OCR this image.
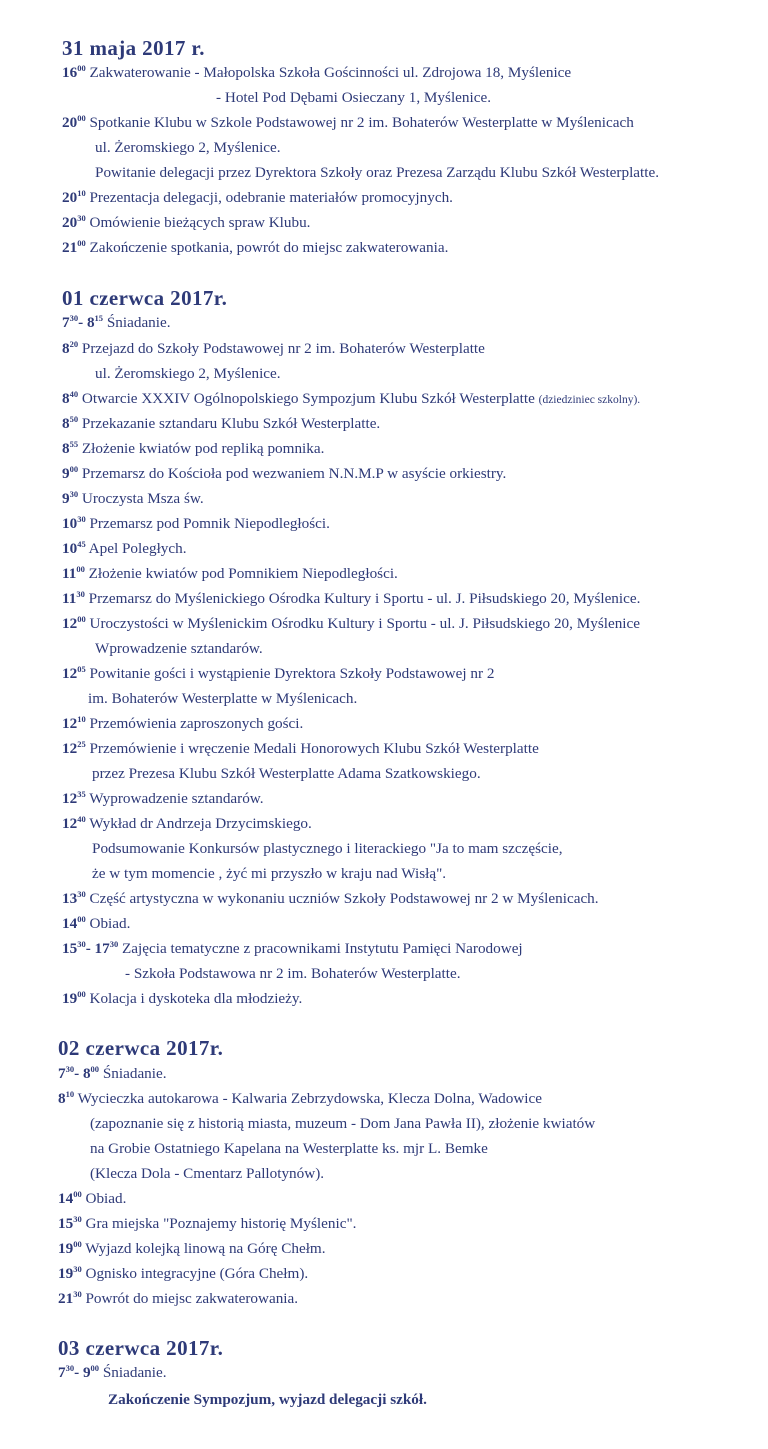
31 maja 2017 r.
$16^{00}$ Zakwaterowanie - Małopolska Szkoła Gościnności ul. Zdrojowa 18, Myślenice
- Hotel Pod Dębami Osieczany 1, Myślenice.
$20^{00}$ Spotkanie Klubu w Szkole Podstawowej nr 2 im. Bohaterów Westerplatte w Myślenicach
ul. Żeromskiego 2, Myślenice.
Powitanie delegacji przez Dyrektora Szkoły oraz Prezesa Zarządu Klubu Szkół Westerplatte.
$20^{10}$ Prezentacja delegacji, odebranie materiałów promocyjnych.
$20^{30}$ Omówienie bieżących spraw Klubu.
$21^{00}$ Zakończenie spotkania, powrót do miejsc zakwaterowania.
01 czerwca 2017r.
$7^{30}-$ $8^{15}$ Śniadanie.
$8^{20}$ Przejazd do Szkoły Podstawowej nr 2 im. Bohaterów Westerplatte
ul. Żeromskiego 2, Myślenice.
$8^{40}$ Otwarcie XXXIV Ogólnopolskiego Sympozjum Klubu Szkół Westerplatte (dziedziniec szkolny).
$8^{50}$ Przekazanie sztandaru Klubu Szkół Westerplatte.
$8^{55}$ Złożenie kwiatów pod repliką pomnika.
$9^{00}$ Przemarsz do Kościoła pod wezwaniem N.N.M.P w asyście orkiestry.
$9^{30}$ Uroczysta Msza św.
$10^{30}$ Przemarsz pod Pomnik Niepodległości.
$10^{45}$ Apel Poległych.
$11^{00}$ Złożenie kwiatów pod Pomnikiem Niepodległości.
$11^{30}$ Przemarsz do Myślenickiego Ośrodka Kultury i Sportu - ul. J. Piłsudskiego 20, Myślenice.
$12^{00}$ Uroczystości w Myślenickim Ośrodku Kultury i Sportu - ul. J. Piłsudskiego 20, Myślenice
Wprowadzenie sztandarów.
$12^{05}$ Powitanie gości i wystąpienie Dyrektora Szkoły Podstawowej nr 2
im. Bohaterów Westerplatte w Myślenicach.
$12^{10}$ Przemówienia zaproszonych gości.
$12^{25}$ Przemówienie i wręczenie Medali Honorowych Klubu Szkół Westerplatte
przez Prezesa Klubu Szkół Westerplatte Adama Szatkowskiego.
$12^{35}$ Wyprowadzenie sztandarów.
$12^{40}$ Wykład dr Andrzeja Drzycimskiego.
Podsumowanie Konkursów plastycznego i literackiego "Ja to mam szczęście,
że w tym momencie , żyć mi przyszło w kraju nad Wisłą".
$13^{30}$ Część artystyczna w wykonaniu uczniów Szkoły Podstawowej nr 2 w Myślenicach.
$14^{00}$ Obiad.
$15^{30}-$ $17^{30}$ Zajęcia tematyczne z pracownikami Instytutu Pamięci Narodowej
- Szkoła Podstawowa nr 2 im. Bohaterów Westerplatte.
$19^{00}$ Kolacja i dyskoteka dla młodzieży.
02 czerwca 2017r.
$7^{30}-$ $8^{00}$ Śniadanie.
$8^{10}$ Wycieczka autokarowa - Kalwaria Zebrzydowska, Klecza Dolna, Wadowice
(zapoznanie się z historią miasta, muzeum - Dom Jana Pawła II), złożenie kwiatów
na Grobie Ostatniego Kapelana na Westerplatte ks. mjr L. Bemke
(Klecza Dola - Cmentarz Pallotynów).
$14^{00}$ Obiad.
$15^{30}$ Gra miejska "Poznajemy historię Myślenic".
$19^{00}$ Wyjazd kolejką linową na Górę Chełm.
$19^{30}$ Ognisko integracyjne (Góra Chełm).
$21^{30}$ Powrót do miejsc zakwaterowania.
03 czerwca 2017r.
$7^{30}-$ $9^{00}$ Śniadanie.
Zakończenie Sympozjum, wyjazd delegacji szkół.
